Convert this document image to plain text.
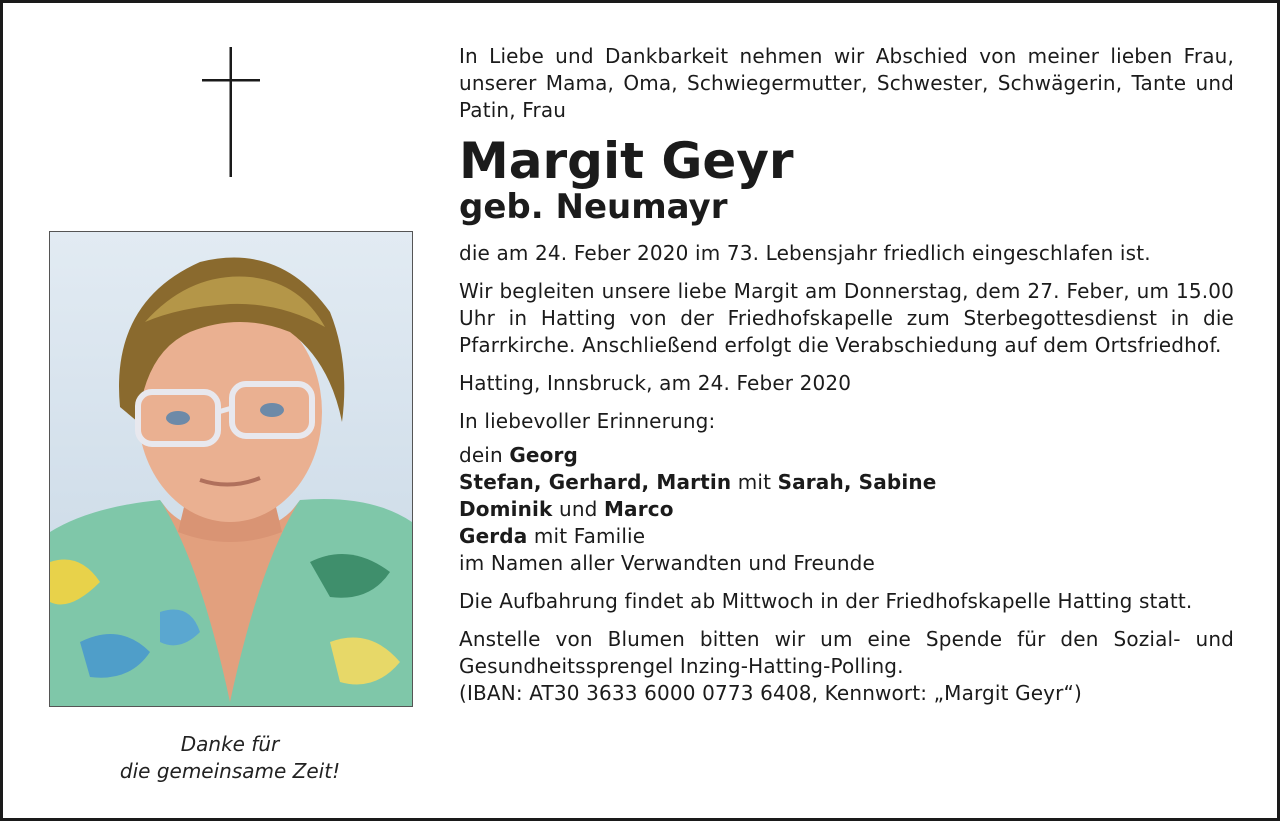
Danke für
die gemeinsame Zeit!

In Liebe und Dankbarkeit nehmen wir Abschied von meiner lieben Frau, unserer Mama, Oma, Schwiegermutter, Schwester, Schwägerin, Tante und Patin, Frau

Margit Geyr

geb. Neumayr

die am 24. Feber 2020 im 73. Lebensjahr friedlich eingeschlafen ist.

Wir begleiten unsere liebe Margit am Donnerstag, dem 27. Feber, um 15.00 Uhr in Hatting von der Friedhofskapelle zum Sterbegottesdienst in die Pfarrkirche. Anschließend erfolgt die Verabschiedung auf dem Ortsfriedhof.

Hatting, Innsbruck, am 24. Feber 2020

In liebevoller Erinnerung:

dein Georg
Stefan, Gerhard, Martin mit Sarah, Sabine
Dominik und Marco
Gerda mit Familie
im Namen aller Verwandten und Freunde

Die Aufbahrung findet ab Mittwoch in der Friedhofskapelle Hatting statt.

Anstelle von Blumen bitten wir um eine Spende für den Sozial- und Gesundheitssprengel Inzing-Hatting-Polling.

(IBAN: AT30 3633 6000 0773 6408, Kennwort: „Margit Geyr“)
